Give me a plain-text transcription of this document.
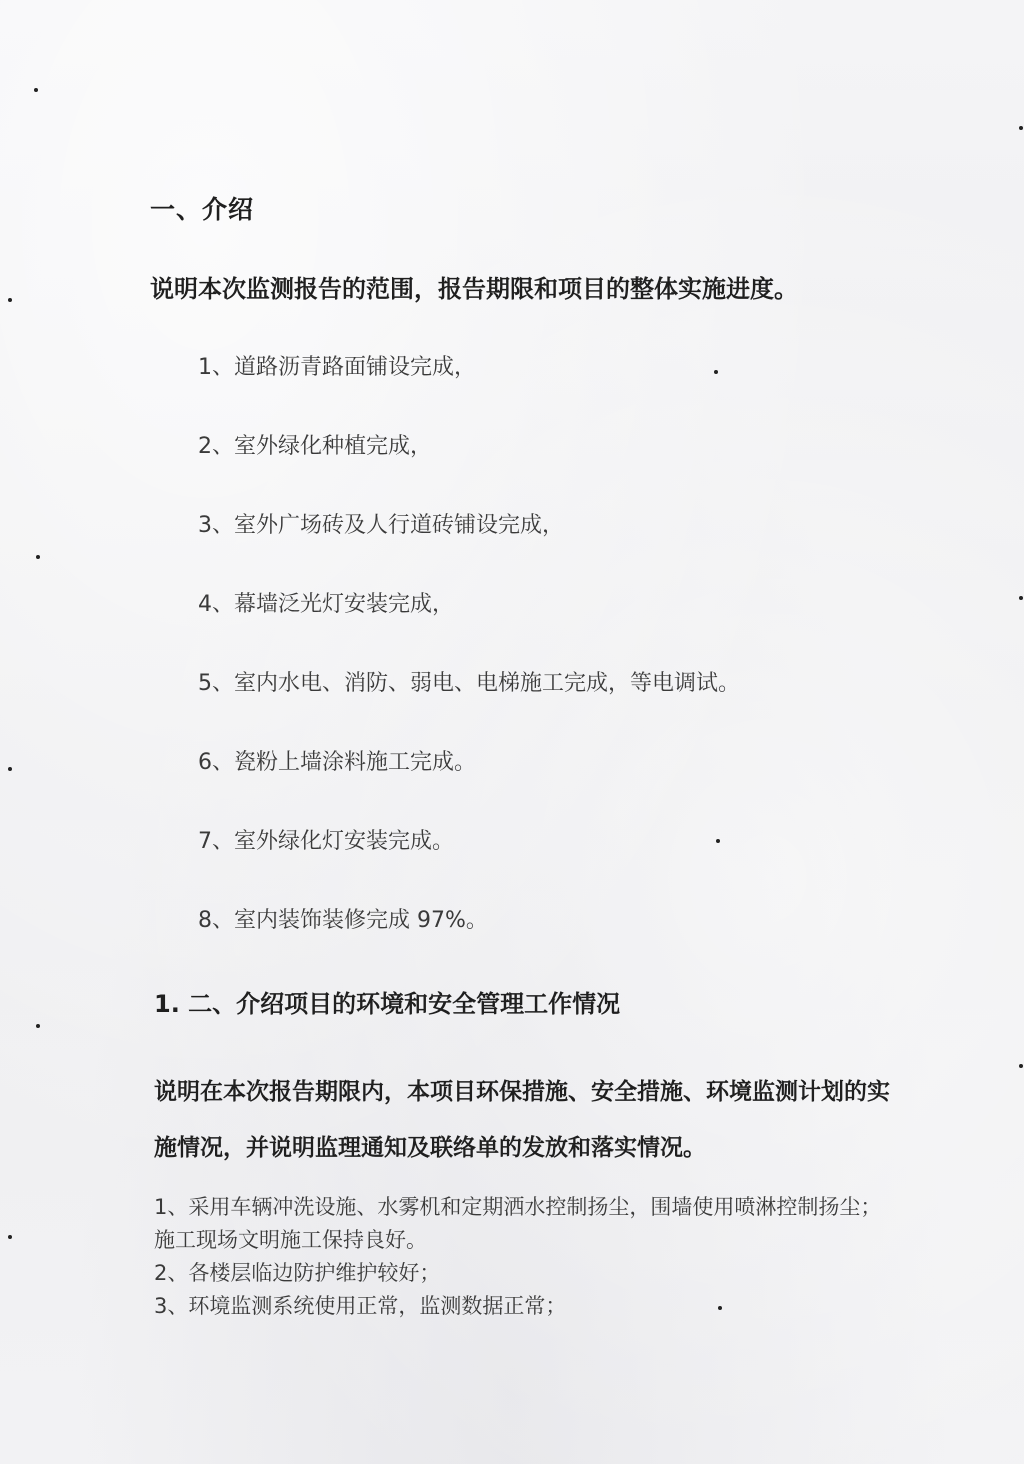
一、介绍
说明本次监测报告的范围，报告期限和项目的整体实施进度。
1、道路沥青路面铺设完成，
2、室外绿化种植完成，
3、室外广场砖及人行道砖铺设完成，
4、幕墙泛光灯安装完成，
5、室内水电、消防、弱电、电梯施工完成，等电调试。
6、瓷粉上墙涂料施工完成。
7、室外绿化灯安装完成。
8、室内装饰装修完成 97%。
1. 二、介绍项目的环境和安全管理工作情况
说明在本次报告期限内，本项目环保措施、安全措施、环境监测计划的实施情况，并说明监理通知及联络单的发放和落实情况。
1、采用车辆冲洗设施、水雾机和定期洒水控制扬尘，围墙使用喷淋控制扬尘；施工现场文明施工保持良好。
2、各楼层临边防护维护较好；
3、环境监测系统使用正常，监测数据正常；
